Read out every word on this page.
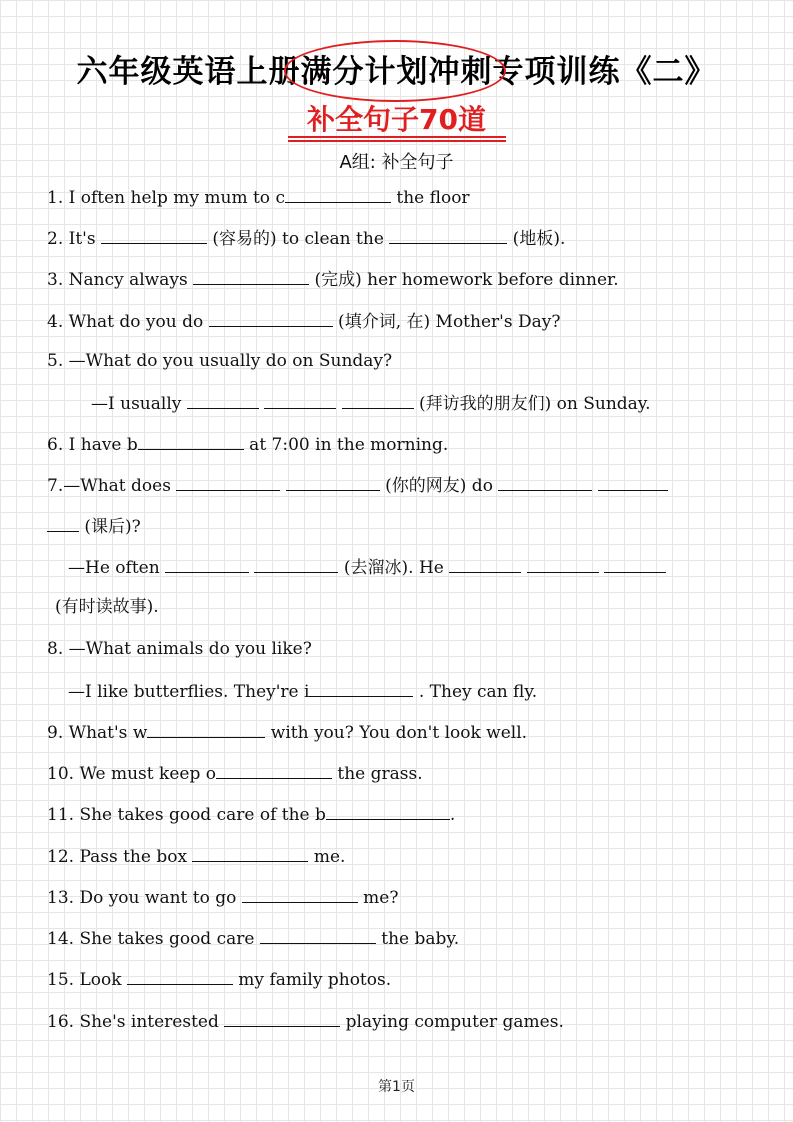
六年级英语上册满分计划冲刺专项训练《二》
补全句子70道
A组: 补全句子
1. I often help my mum to c	the floor
2. It's	(容易的) to clean the	(地板).
3. Nancy always	(完成) her homework before dinner.
4. What do you do	(填介词, 在) Mother's Day?
5. —What do you usually do on Sunday?
—I usually	(拜访我的朋友们) on Sunday.
6. I have b	at 7:00 in the morning.
7.—What does	(你的网友) do
(课后)?
—He often	(去溜冰). He
(有时读故事).
8. —What animals do you like?
—I like butterflies. They're i	. They can fly.
9. What's w	with you? You don't look well.
10. We must keep o	the grass.
11. She takes good care of the b	.
12. Pass the box	me.
13. Do you want to go	me?
14. She takes good care	the baby.
15. Look	my family photos.
16. She's interested	playing computer games.
第1页
